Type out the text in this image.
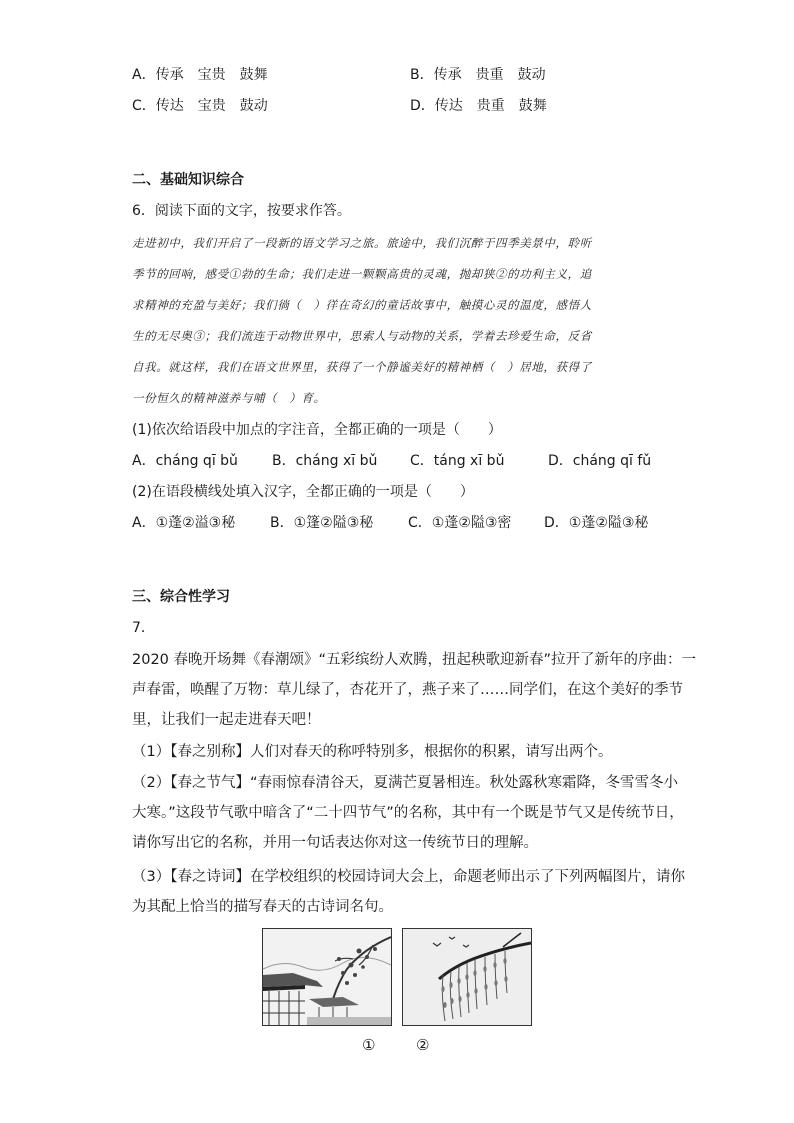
A．传承　宝贵　鼓舞	B．传承　贵重　鼓动
C．传达　宝贵　鼓动	D．传达　贵重　鼓舞
二、基础知识综合
6．阅读下面的文字，按要求作答。
走进初中，我们开启了一段新的语文学习之旅。旅途中，我们沉醉于四季美景中，聆听
季节的回响，感受①勃的生命；我们走进一颗颗高贵的灵魂，抛却狭②的功利主义，追
求精神的充盈与美好；我们徜（　）徉在奇幻的童话故事中，触摸心灵的温度，感悟人
生的无尽奥③；我们流连于动物世界中，思索人与动物的关系，学着去珍爱生命，反省
自我。就这样，我们在语文世界里，获得了一个静谧美好的精神栖（　）居地，获得了
一份恒久的精神滋养与哺（　）育。
(1)依次给语段中加点的字注音，全都正确的一项是（　　）
A．cháng qī bǔ B．cháng xī bǔ C．táng xī bǔ	D．cháng qī fǔ
(2)在语段横线处填入汉字，全都正确的一项是（　　）
A．①蓬②溢③秘 B．①篷②隘③秘 C．①蓬②隘③密 D．①蓬②隘③秘
三、综合性学习
7．
2020 春晚开场舞《春潮颂》“五彩缤纷人欢腾，扭起秧歌迎新春”拉开了新年的序曲：一
声春雷，唤醒了万物：草儿绿了，杏花开了，燕子来了……同学们，在这个美好的季节
里，让我们一起走进春天吧！
（1）【春之别称】人们对春天的称呼特别多，根据你的积累，请写出两个。
（2）【春之节气】“春雨惊春清谷天，夏满芒夏暑相连。秋处露秋寒霜降，冬雪雪冬小
大寒。”这段节气歌中暗含了“二十四节气”的名称，其中有一个既是节气又是传统节日，
请你写出它的名称，并用一句话表达你对这一传统节日的理解。
（3）【春之诗词】在学校组织的校园诗词大会上，命题老师出示了下列两幅图片，请你
为其配上恰当的描写春天的古诗词名句。
①	②
